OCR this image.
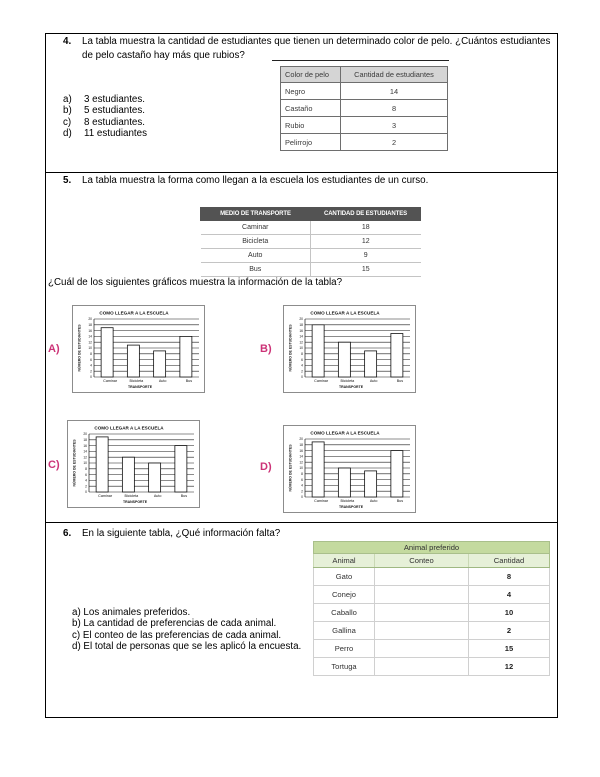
4. La tabla muestra la cantidad de estudiantes que tienen un determinado color de pelo. ¿Cuántos estudiantes
de pelo castaño hay más que rubios?
Color de pelo	Cantidad de estudiantes
Negro	14
Castaño	8
Rubio	3
Pelirrojo	2
a) 3 estudiantes.
b) 5 estudiantes.
c) 8 estudiantes.
d) 11 estudiantes
5. La tabla muestra la forma como llegan a la escuela los estudiantes de un curso.
MEDIO DE TRANSPORTE	CANTIDAD DE ESTUDIANTES
Caminar	18
Bicicleta	12
Auto	9
Bus	15
¿Cuál de los siguientes gráficos muestra la información de la tabla?
A)	B)
C)	D)
COMO LLEGAR A LA ESCUELA
NÚMERO DE ESTUDIANTES
0
2
4
6
8
10
12
14
16
18
20
Caminar	Bicicleta	Auto	Bus
TRANSPORTE
COMO LLEGAR A LA ESCUELA
NÚMERO DE ESTUDIANTES
0
2
4
6
8
10
12
14
16
18
20
Caminar	Bicicleta	Auto	Bus
TRANSPORTE
COMO LLEGAR A LA ESCUELA
NÚMERO DE ESTUDIANTES
0
2
4
6
8
10
12
14
16
18
20
Caminar	Bicicleta	Auto	Bus
TRANSPORTE
COMO LLEGAR A LA ESCUELA
NÚMERO DE ESTUDIANTES
0
2
4
6
8
10
12
14
16
18
20
Caminar	Bicicleta	Auto	Bus
TRANSPORTE
6. En la siguiente tabla, ¿Qué información falta?
Animal preferido		
Animal	Conteo	Cantidad
Gato		8
Conejo		4
Caballo		10
Gallina		2
Perro		15
Tortuga		12
a) Los animales preferidos.
b) La cantidad de preferencias de cada animal.
c) El conteo de las preferencias de cada animal.
d) El total de personas que se les aplicó la encuesta.
